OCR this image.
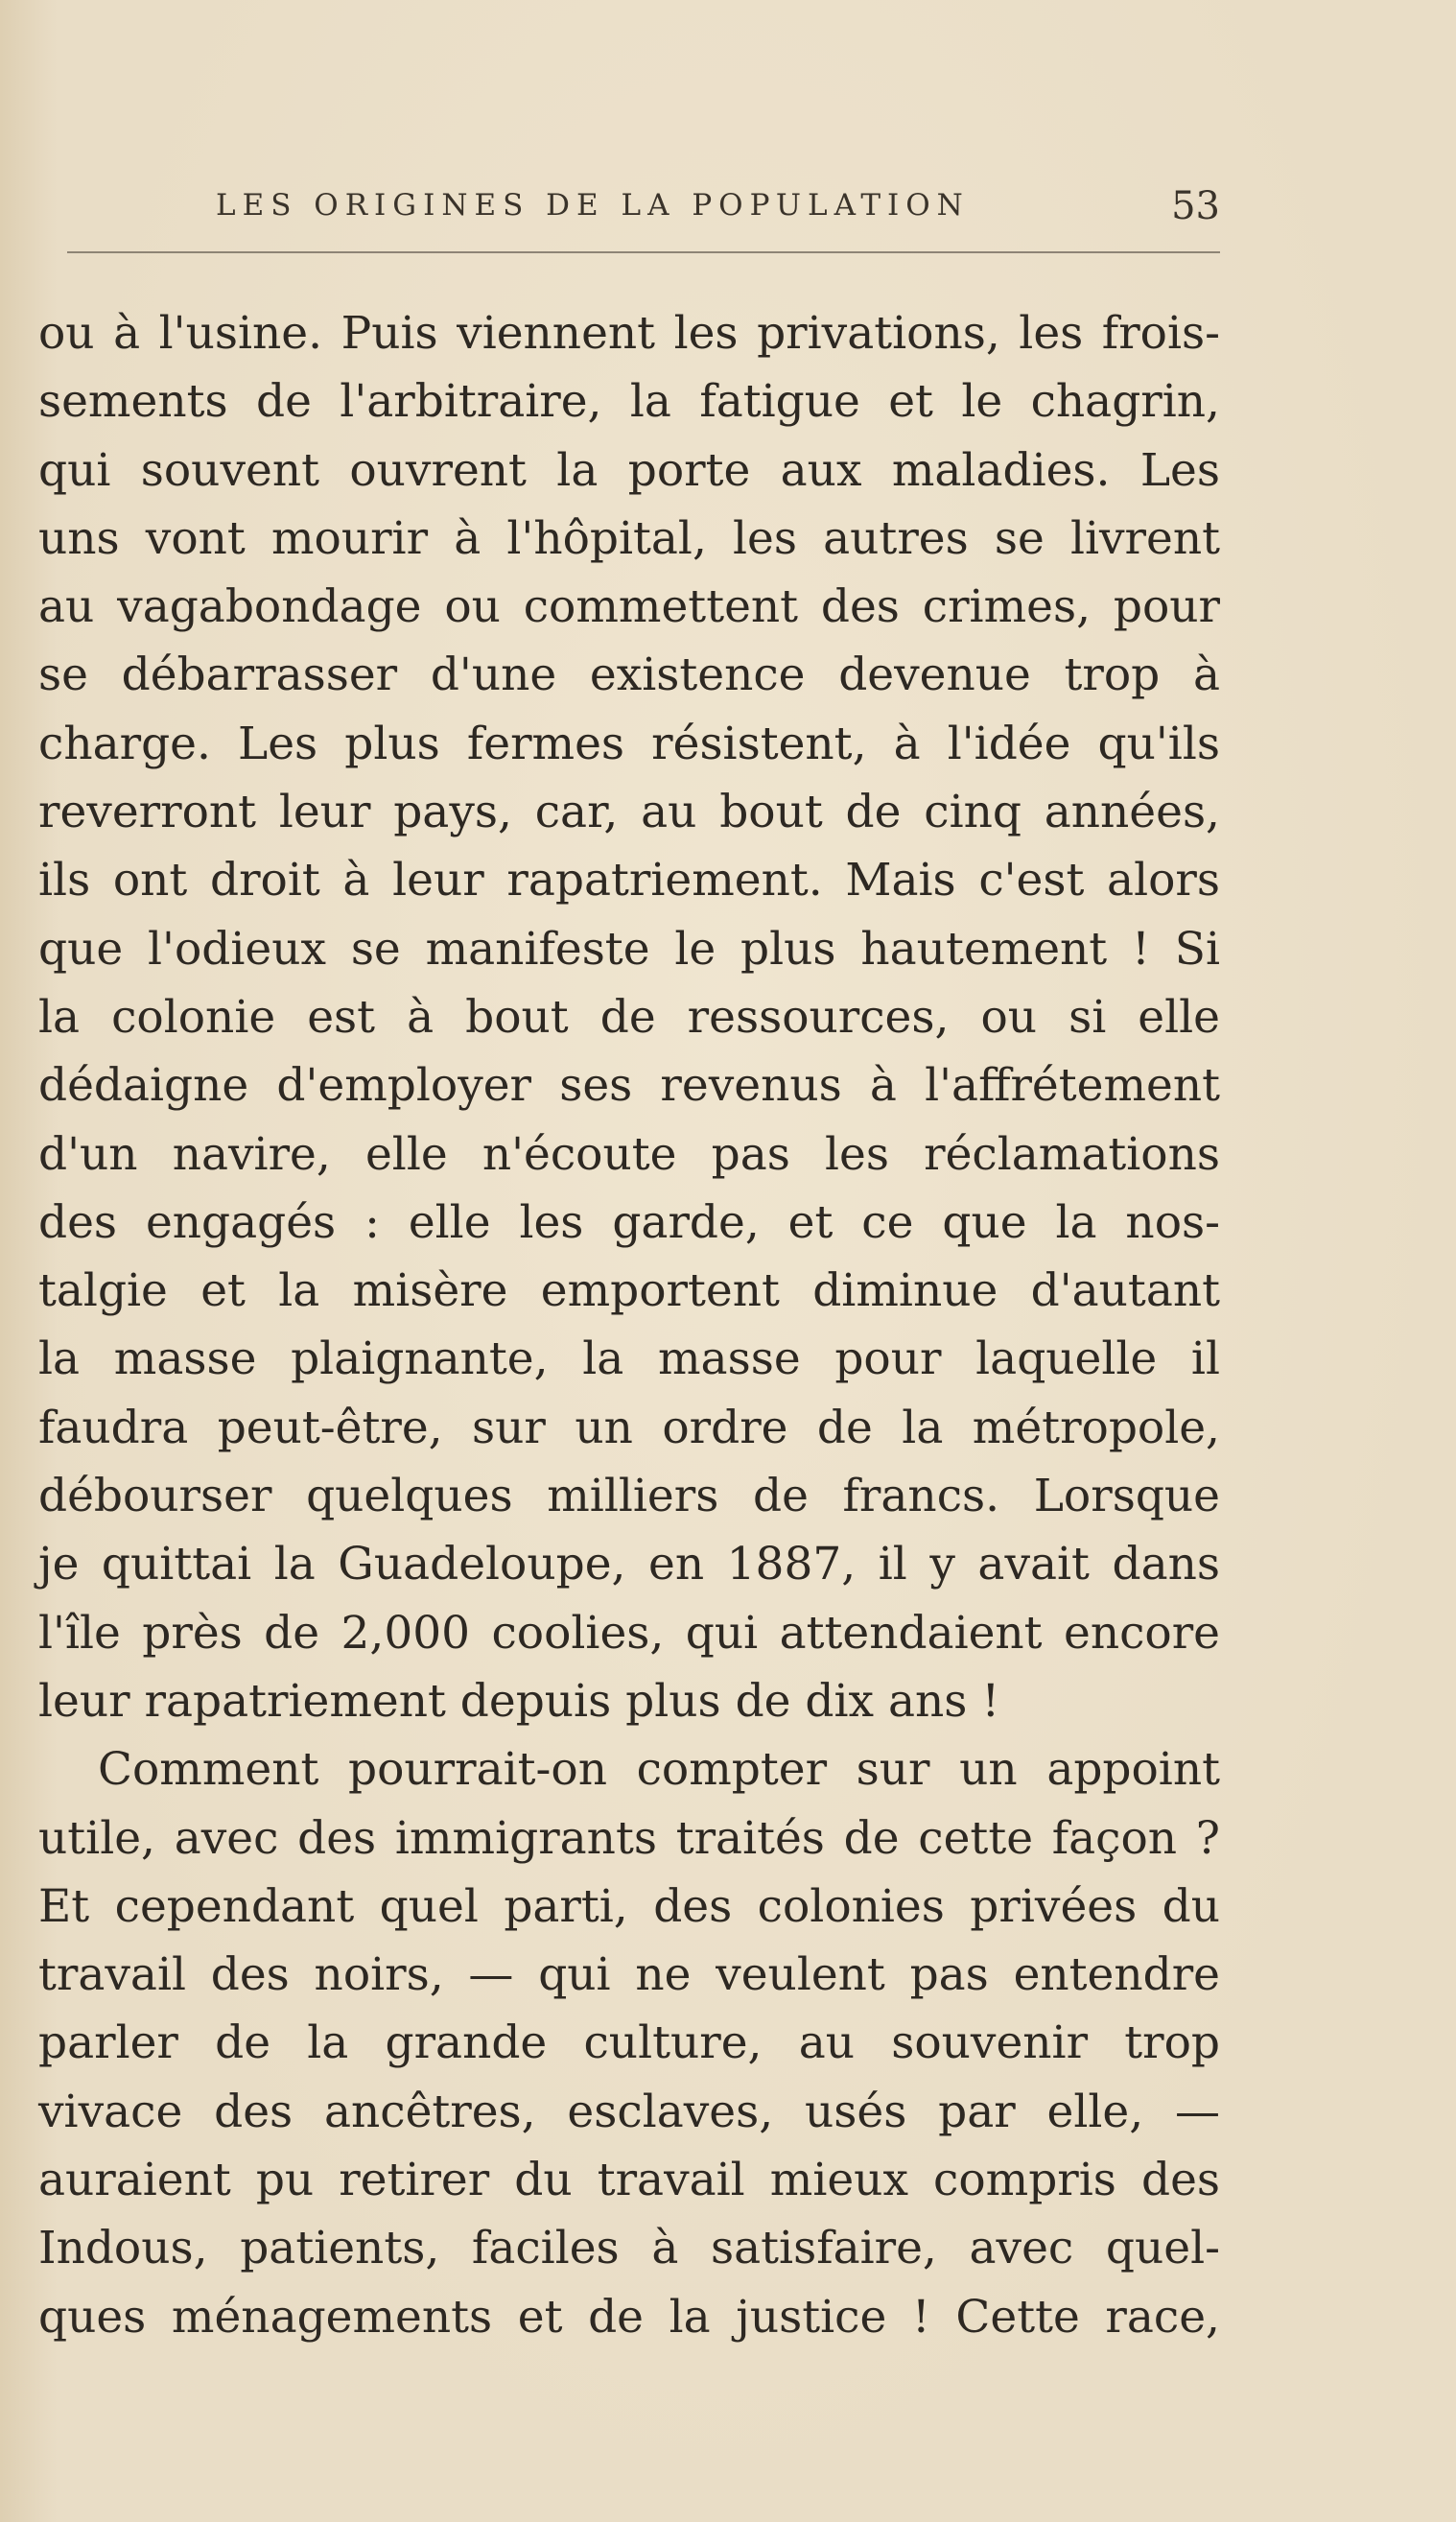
LES ORIGINES DE LA POPULATION	53
ou à l'usine. Puis viennent les privations, les frois-
sements de l'arbitraire, la fatigue et le chagrin,
qui souvent ouvrent la porte aux maladies. Les
uns vont mourir à l'hôpital, les autres se livrent
au vagabondage ou commettent des crimes, pour
se débarrasser d'une existence devenue trop à
charge. Les plus fermes résistent, à l'idée qu'ils
reverront leur pays, car, au bout de cinq années,
ils ont droit à leur rapatriement. Mais c'est alors
que l'odieux se manifeste le plus hautement ! Si
la colonie est à bout de ressources, ou si elle
dédaigne d'employer ses revenus à l'affrétement
d'un navire, elle n'écoute pas les réclamations
des engagés : elle les garde, et ce que la nos-
talgie et la misère emportent diminue d'autant
la masse plaignante, la masse pour laquelle il
faudra peut-être, sur un ordre de la métropole,
débourser quelques milliers de francs. Lorsque
je quittai la Guadeloupe, en 1887, il y avait dans
l'île près de 2,000 coolies, qui attendaient encore
leur rapatriement depuis plus de dix ans !
Comment pourrait-on compter sur un appoint
utile, avec des immigrants traités de cette façon ?
Et cependant quel parti, des colonies privées du
travail des noirs, — qui ne veulent pas entendre
parler de la grande culture, au souvenir trop
vivace des ancêtres, esclaves, usés par elle, —
auraient pu retirer du travail mieux compris des
Indous, patients, faciles à satisfaire, avec quel-
ques ménagements et de la justice ! Cette race,
